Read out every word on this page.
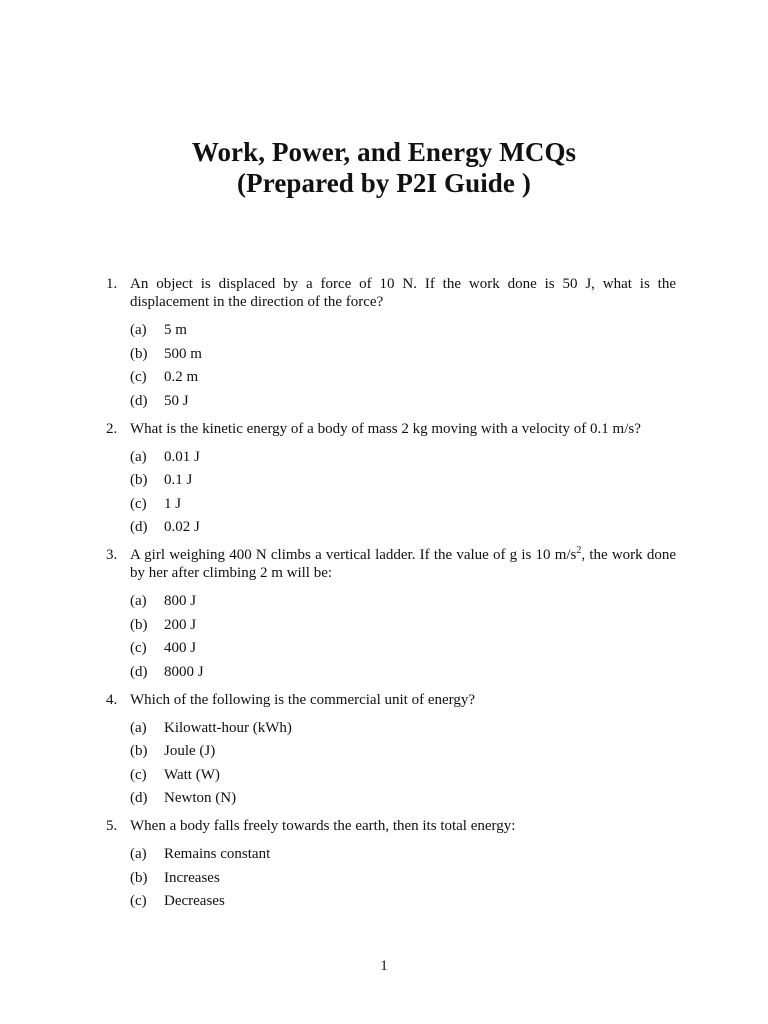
Work, Power, and Energy MCQs
(Prepared by P2I Guide )
1. An object is displaced by a force of 10 N. If the work done is 50 J, what is the displacement in the direction of the force?
(a)	5 m
(b)	500 m
(c)	0.2 m
(d)	50 J
2. What is the kinetic energy of a body of mass 2 kg moving with a velocity of 0.1 m/s?
(a)	0.01 J
(b)	0.1 J
(c)	1 J
(d)	0.02 J
3. A girl weighing 400 N climbs a vertical ladder. If the value of g is 10 $m/s^2$, the work done by her after climbing 2 m will be:
(a)	800 J
(b)	200 J
(c)	400 J
(d)	8000 J
4. Which of the following is the commercial unit of energy?
(a)	Kilowatt-hour (kWh)
(b)	Joule (J)
(c)	Watt (W)
(d)	Newton (N)
5. When a body falls freely towards the earth, then its total energy:
(a)	Remains constant
(b)	Increases
(c)	Decreases
1
